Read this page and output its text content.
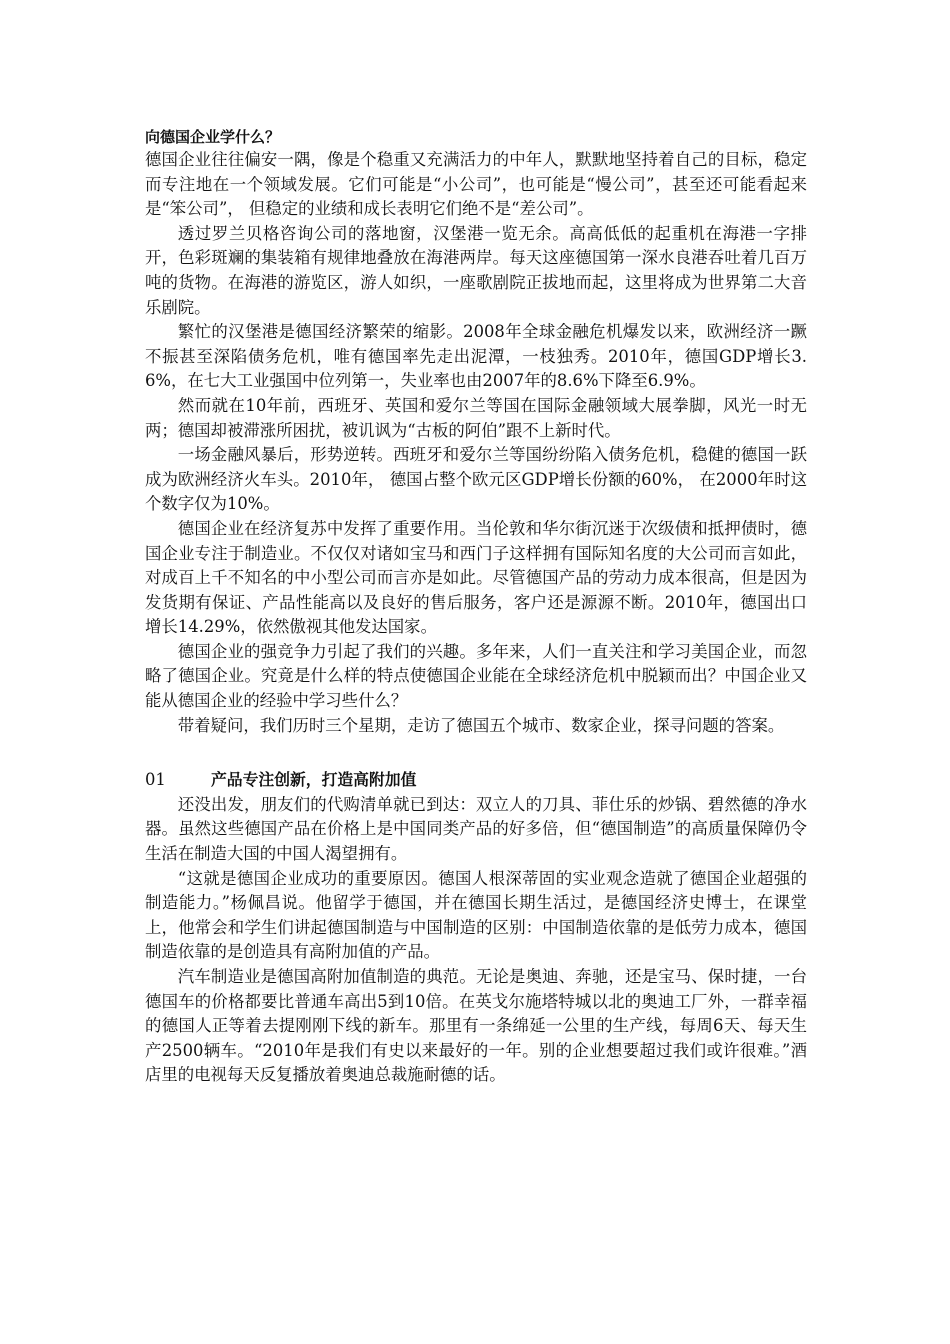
向德国企业学什么？

德国企业往往偏安一隅，像是个稳重又充满活力的中年人，默默地坚持着自己的目标，稳定而专注地在一个领域发展。它们可能是“小公司”，也可能是“慢公司”，甚至还可能看起来是“笨公司”， 但稳定的业绩和成长表明它们绝不是“差公司”。

透过罗兰贝格咨询公司的落地窗，汉堡港一览无余。高高低低的起重机在海港一字排开，色彩斑斓的集装箱有规律地叠放在海港两岸。每天这座德国第一深水良港吞吐着几百万吨的货物。在海港的游览区，游人如织，一座歌剧院正拔地而起，这里将成为世界第二大音乐剧院。

繁忙的汉堡港是德国经济繁荣的缩影。2008年全球金融危机爆发以来，欧洲经济一蹶不振甚至深陷债务危机，唯有德国率先走出泥潭，一枝独秀。2010年，德国GDP增长3.6%，在七大工业强国中位列第一，失业率也由2007年的8.6%下降至6.9%。

然而就在10年前，西班牙、英国和爱尔兰等国在国际金融领域大展拳脚，风光一时无两；德国却被滞涨所困扰，被讥讽为“古板的阿伯”跟不上新时代。

一场金融风暴后，形势逆转。西班牙和爱尔兰等国纷纷陷入债务危机，稳健的德国一跃成为欧洲经济火车头。2010年， 德国占整个欧元区GDP增长份额的60%， 在2000年时这个数字仅为10%。

德国企业在经济复苏中发挥了重要作用。当伦敦和华尔街沉迷于次级债和抵押债时，德国企业专注于制造业。不仅仅对诸如宝马和西门子这样拥有国际知名度的大公司而言如此，对成百上千不知名的中小型公司而言亦是如此。尽管德国产品的劳动力成本很高，但是因为发货期有保证、产品性能高以及良好的售后服务，客户还是源源不断。2010年，德国出口增长14.29%，依然傲视其他发达国家。

德国企业的强竞争力引起了我们的兴趣。多年来，人们一直关注和学习美国企业，而忽略了德国企业。究竟是什么样的特点使德国企业能在全球经济危机中脱颖而出？中国企业又能从德国企业的经验中学习些什么？

带着疑问，我们历时三个星期，走访了德国五个城市、数家企业，探寻问题的答案。

01	产品专注创新，打造高附加值

还没出发，朋友们的代购清单就已到达：双立人的刀具、菲仕乐的炒锅、碧然德的净水器。虽然这些德国产品在价格上是中国同类产品的好多倍，但“德国制造”的高质量保障仍令生活在制造大国的中国人渴望拥有。

“这就是德国企业成功的重要原因。德国人根深蒂固的实业观念造就了德国企业超强的制造能力。”杨佩昌说。他留学于德国，并在德国长期生活过，是德国经济史博士，在课堂上，他常会和学生们讲起德国制造与中国制造的区别：中国制造依靠的是低劳力成本，德国制造依靠的是创造具有高附加值的产品。

汽车制造业是德国高附加值制造的典范。无论是奥迪、奔驰，还是宝马、保时捷，一台德国车的价格都要比普通车高出5到10倍。在英戈尔施塔特城以北的奥迪工厂外，一群幸福的德国人正等着去提刚刚下线的新车。那里有一条绵延一公里的生产线，每周6天、每天生产2500辆车。“2010年是我们有史以来最好的一年。别的企业想要超过我们或许很难。”酒店里的电视每天反复播放着奥迪总裁施耐德的话。
